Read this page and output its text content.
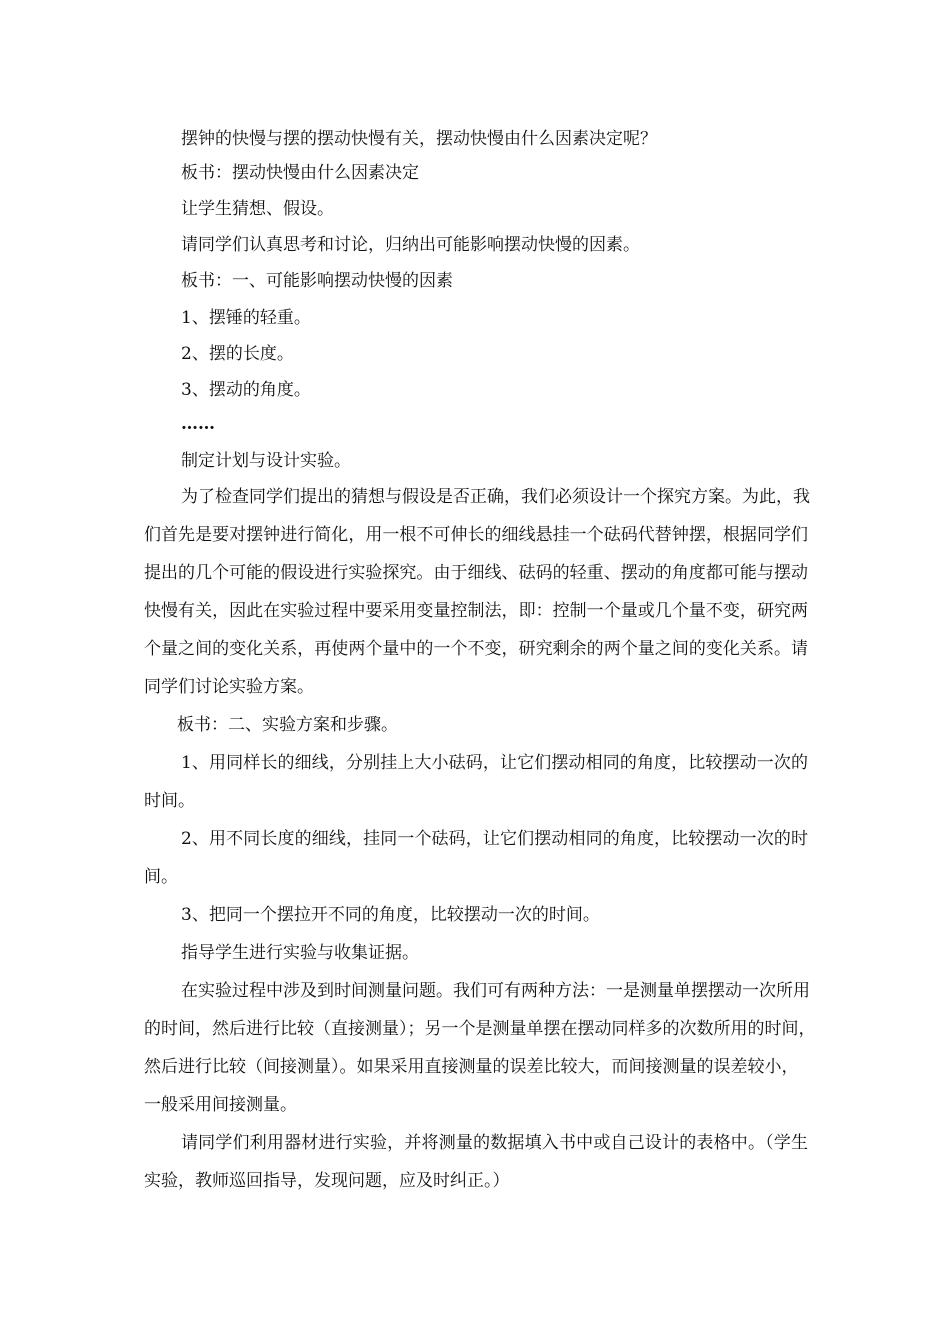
摆钟的快慢与摆的摆动快慢有关，摆动快慢由什么因素决定呢？
板书：摆动快慢由什么因素决定
让学生猜想、假设。
请同学们认真思考和讨论，归纳出可能影响摆动快慢的因素。
板书：一、可能影响摆动快慢的因素
1、摆锤的轻重。
2、摆的长度。
3、摆动的角度。
……
制定计划与设计实验。
为了检查同学们提出的猜想与假设是否正确，我们必须设计一个探究方案。为此，我
们首先是要对摆钟进行简化，用一根不可伸长的细线悬挂一个砝码代替钟摆，根据同学们
提出的几个可能的假设进行实验探究。由于细线、砝码的轻重、摆动的角度都可能与摆动
快慢有关，因此在实验过程中要采用变量控制法，即：控制一个量或几个量不变，研究两
个量之间的变化关系，再使两个量中的一个不变，研究剩余的两个量之间的变化关系。请
同学们讨论实验方案。
板书：二、实验方案和步骤。
1、用同样长的细线，分别挂上大小砝码，让它们摆动相同的角度，比较摆动一次的
时间。
2、用不同长度的细线，挂同一个砝码，让它们摆动相同的角度，比较摆动一次的时
间。
3、把同一个摆拉开不同的角度，比较摆动一次的时间。
指导学生进行实验与收集证据。
在实验过程中涉及到时间测量问题。我们可有两种方法：一是测量单摆摆动一次所用
的时间，然后进行比较（直接测量）；另一个是测量单摆在摆动同样多的次数所用的时间，
然后进行比较（间接测量）。如果采用直接测量的误差比较大，而间接测量的误差较小，
一般采用间接测量。
请同学们利用器材进行实验，并将测量的数据填入书中或自己设计的表格中。（学生
实验，教师巡回指导，发现问题，应及时纠正。）
